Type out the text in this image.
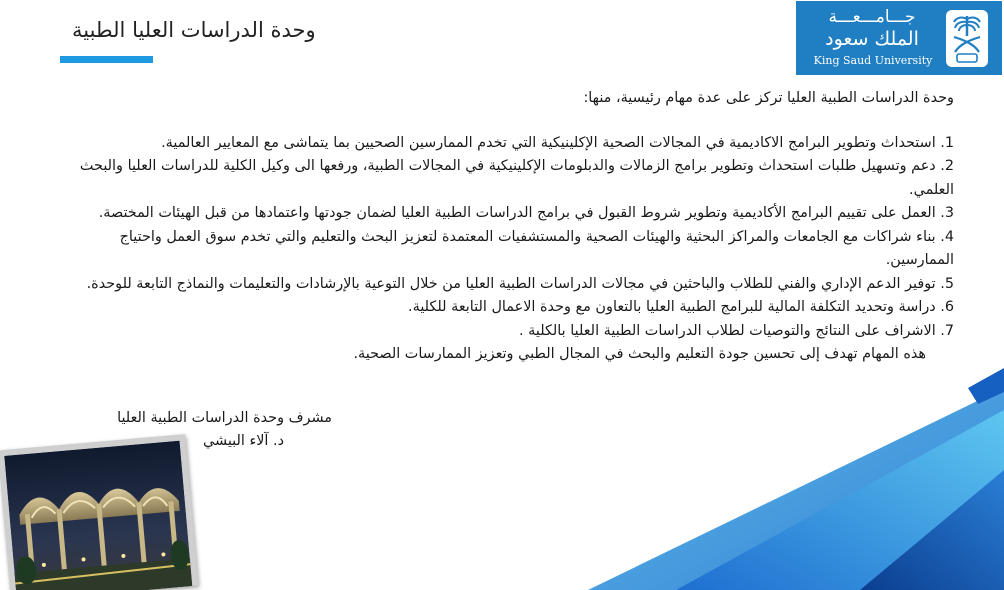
وحدة الدراسات العليا الطبية
جـــامـــعـــة
الملك سعود
King Saud University

وحدة الدراسات الطبية العليا تركز على عدة مهام رئيسية، منها:

1. استحداث وتطوير البرامج الاكاديمية في المجالات الصحية الإكلينيكية التي تخدم الممارسين الصحيين بما يتماشى مع المعايير العالمية.

2. دعم وتسهيل طلبات استحداث وتطوير برامج الزمالات والدبلومات الإكلينيكية في المجالات الطبية، ورفعها الى وكيل الكلية للدراسات العليا والبحث العلمي.

3. العمل على تقييم البرامج الأكاديمية وتطوير شروط القبول في برامج الدراسات الطبية العليا لضمان جودتها واعتمادها من قبل الهيئات المختصة.

4. بناء شراكات مع الجامعات والمراكز البحثية والهيئات الصحية والمستشفيات المعتمدة لتعزيز البحث والتعليم والتي تخدم سوق العمل واحتياج الممارسين.

5. توفير الدعم الإداري والفني للطلاب والباحثين في مجالات الدراسات الطبية العليا من خلال التوعية بالإرشادات والتعليمات والنماذج التابعة للوحدة.

6. دراسة وتحديد التكلفة المالية للبرامج الطبية العليا بالتعاون مع وحدة الاعمال التابعة للكلية.

7. الاشراف على النتائج والتوصيات لطلاب الدراسات الطبية العليا بالكلية .

هذه المهام تهدف إلى تحسين جودة التعليم والبحث في المجال الطبي وتعزيز الممارسات الصحية.

مشرف وحدة الدراسات الطبية العليا
د. آلاء البيشي
